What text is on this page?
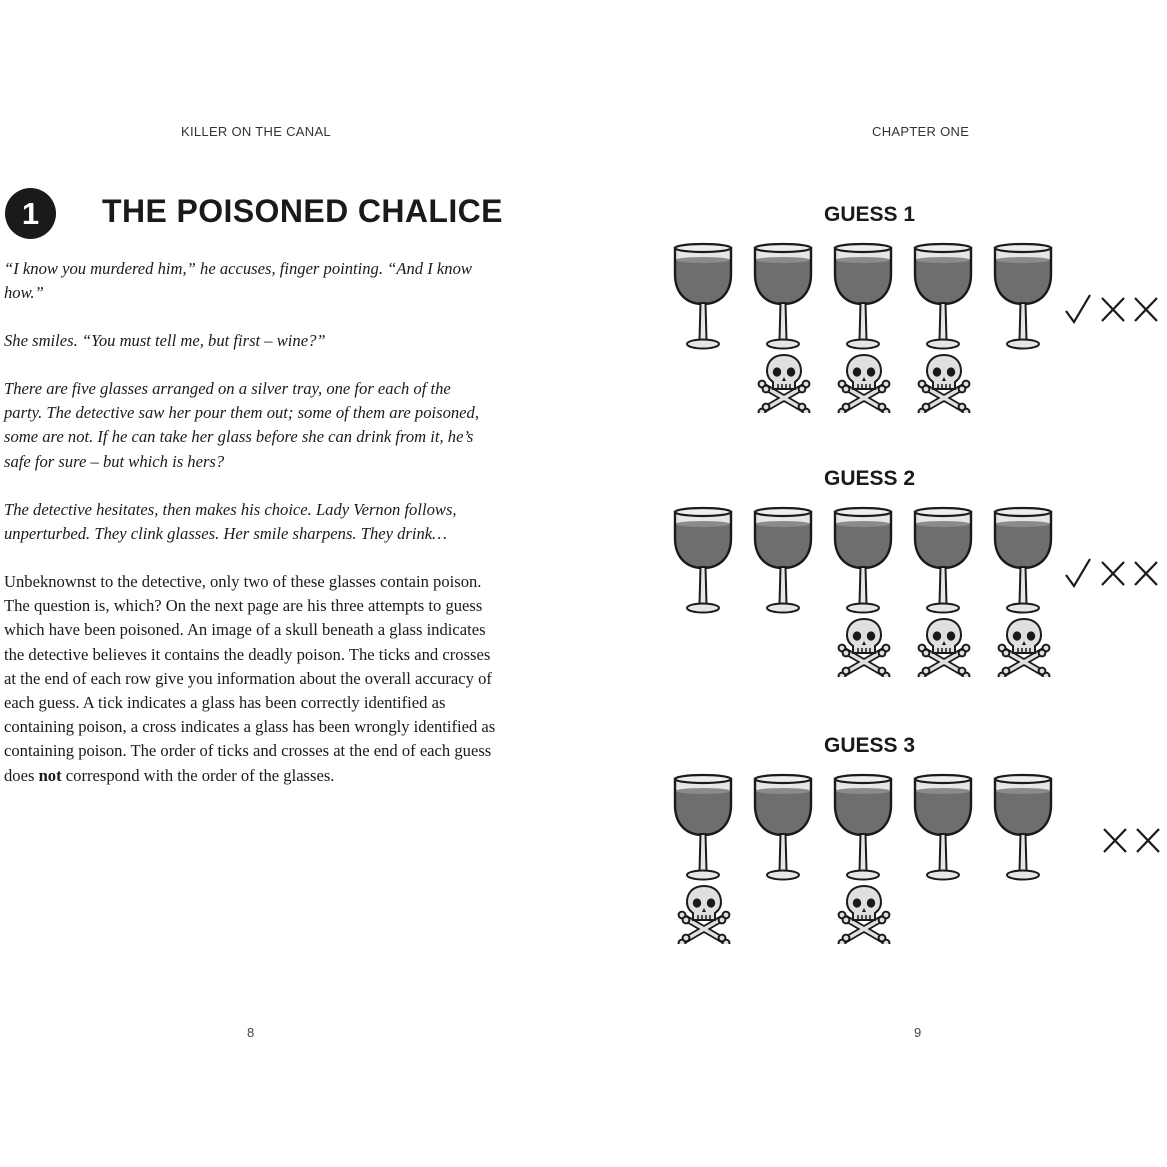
KILLER ON THE CANAL
1	THE POISONED CHALICE

“I know you murdered him,” he accuses, finger pointing. “And I know how.”

She smiles. “You must tell me, but first – wine?”

There are five glasses arranged on a silver tray, one for each of the party. The detective saw her pour them out; some of them are poisoned, some are not. If he can take her glass before she can drink from it, he’s safe for sure – but which is hers?

The detective hesitates, then makes his choice. Lady Vernon follows, unperturbed. They clink glasses. Her smile sharpens. They drink…

Unbeknownst to the detective, only two of these glasses contain poison. The question is, which? On the next page are his three attempts to guess which have been poisoned. An image of a skull beneath a glass indicates the detective believes it contains the deadly poison. The ticks and crosses at the end of each row give you information about the overall accuracy of each guess. A tick indicates a glass has been correctly identified as containing poison, a cross indicates a glass has been wrongly identified as containing poison. The order of ticks and crosses at the end of each guess does not correspond with the order of the glasses.

8
CHAPTER ONE
GUESS 1
GUESS 2
GUESS 3
9
